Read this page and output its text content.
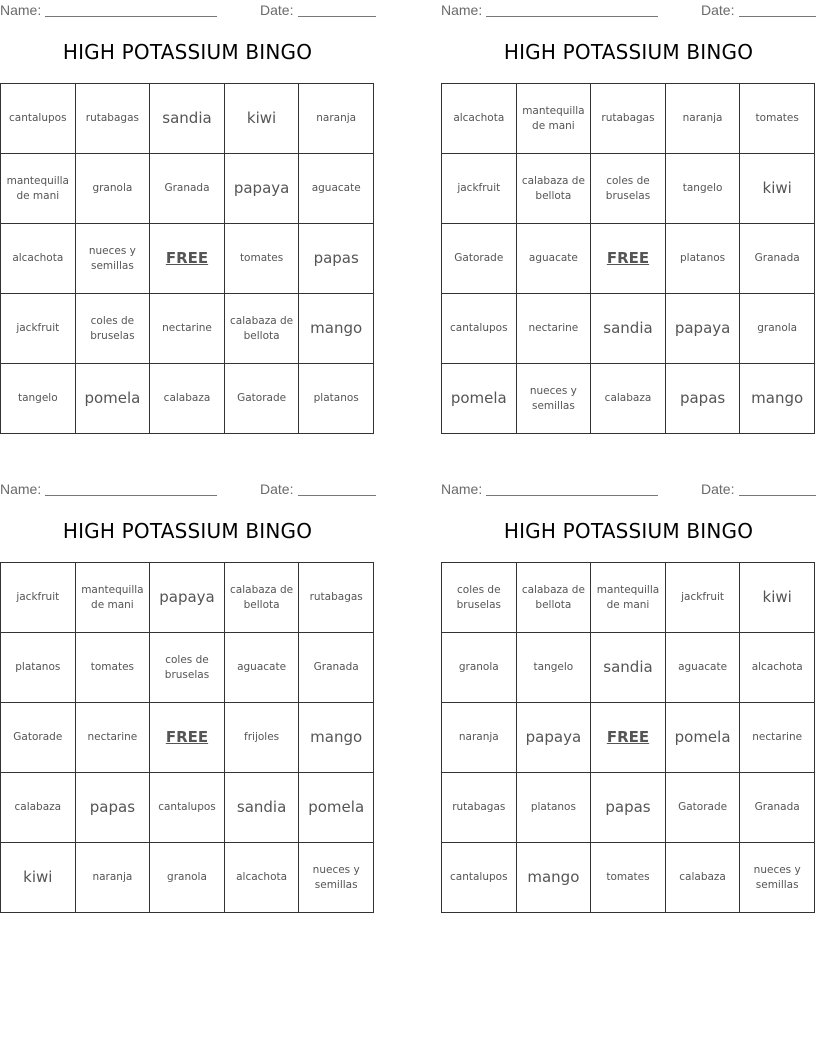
Name:	Date:
HIGH POTASSIUM BINGO
cantalupos	rutabagas	sandia	kiwi	naranja
mantequilla de mani	granola	Granada	papaya	aguacate
alcachota	nueces y semillas	FREE	tomates	papas
jackfruit	coles de bruselas	nectarine	calabaza de bellota	mango
tangelo	pomela	calabaza	Gatorade	platanos
Name:	Date:
HIGH POTASSIUM BINGO
alcachota	mantequilla de mani	rutabagas	naranja	tomates
jackfruit	calabaza de bellota	coles de bruselas	tangelo	kiwi
Gatorade	aguacate	FREE	platanos	Granada
cantalupos	nectarine	sandia	papaya	granola
pomela	nueces y semillas	calabaza	papas	mango
Name:	Date:
HIGH POTASSIUM BINGO
jackfruit	mantequilla de mani	papaya	calabaza de bellota	rutabagas
platanos	tomates	coles de bruselas	aguacate	Granada
Gatorade	nectarine	FREE	frijoles	mango
calabaza	papas	cantalupos	sandia	pomela
kiwi	naranja	granola	alcachota	nueces y semillas
Name:	Date:
HIGH POTASSIUM BINGO
coles de bruselas	calabaza de bellota	mantequilla de mani	jackfruit	kiwi
granola	tangelo	sandia	aguacate	alcachota
naranja	papaya	FREE	pomela	nectarine
rutabagas	platanos	papas	Gatorade	Granada
cantalupos	mango	tomates	calabaza	nueces y semillas
